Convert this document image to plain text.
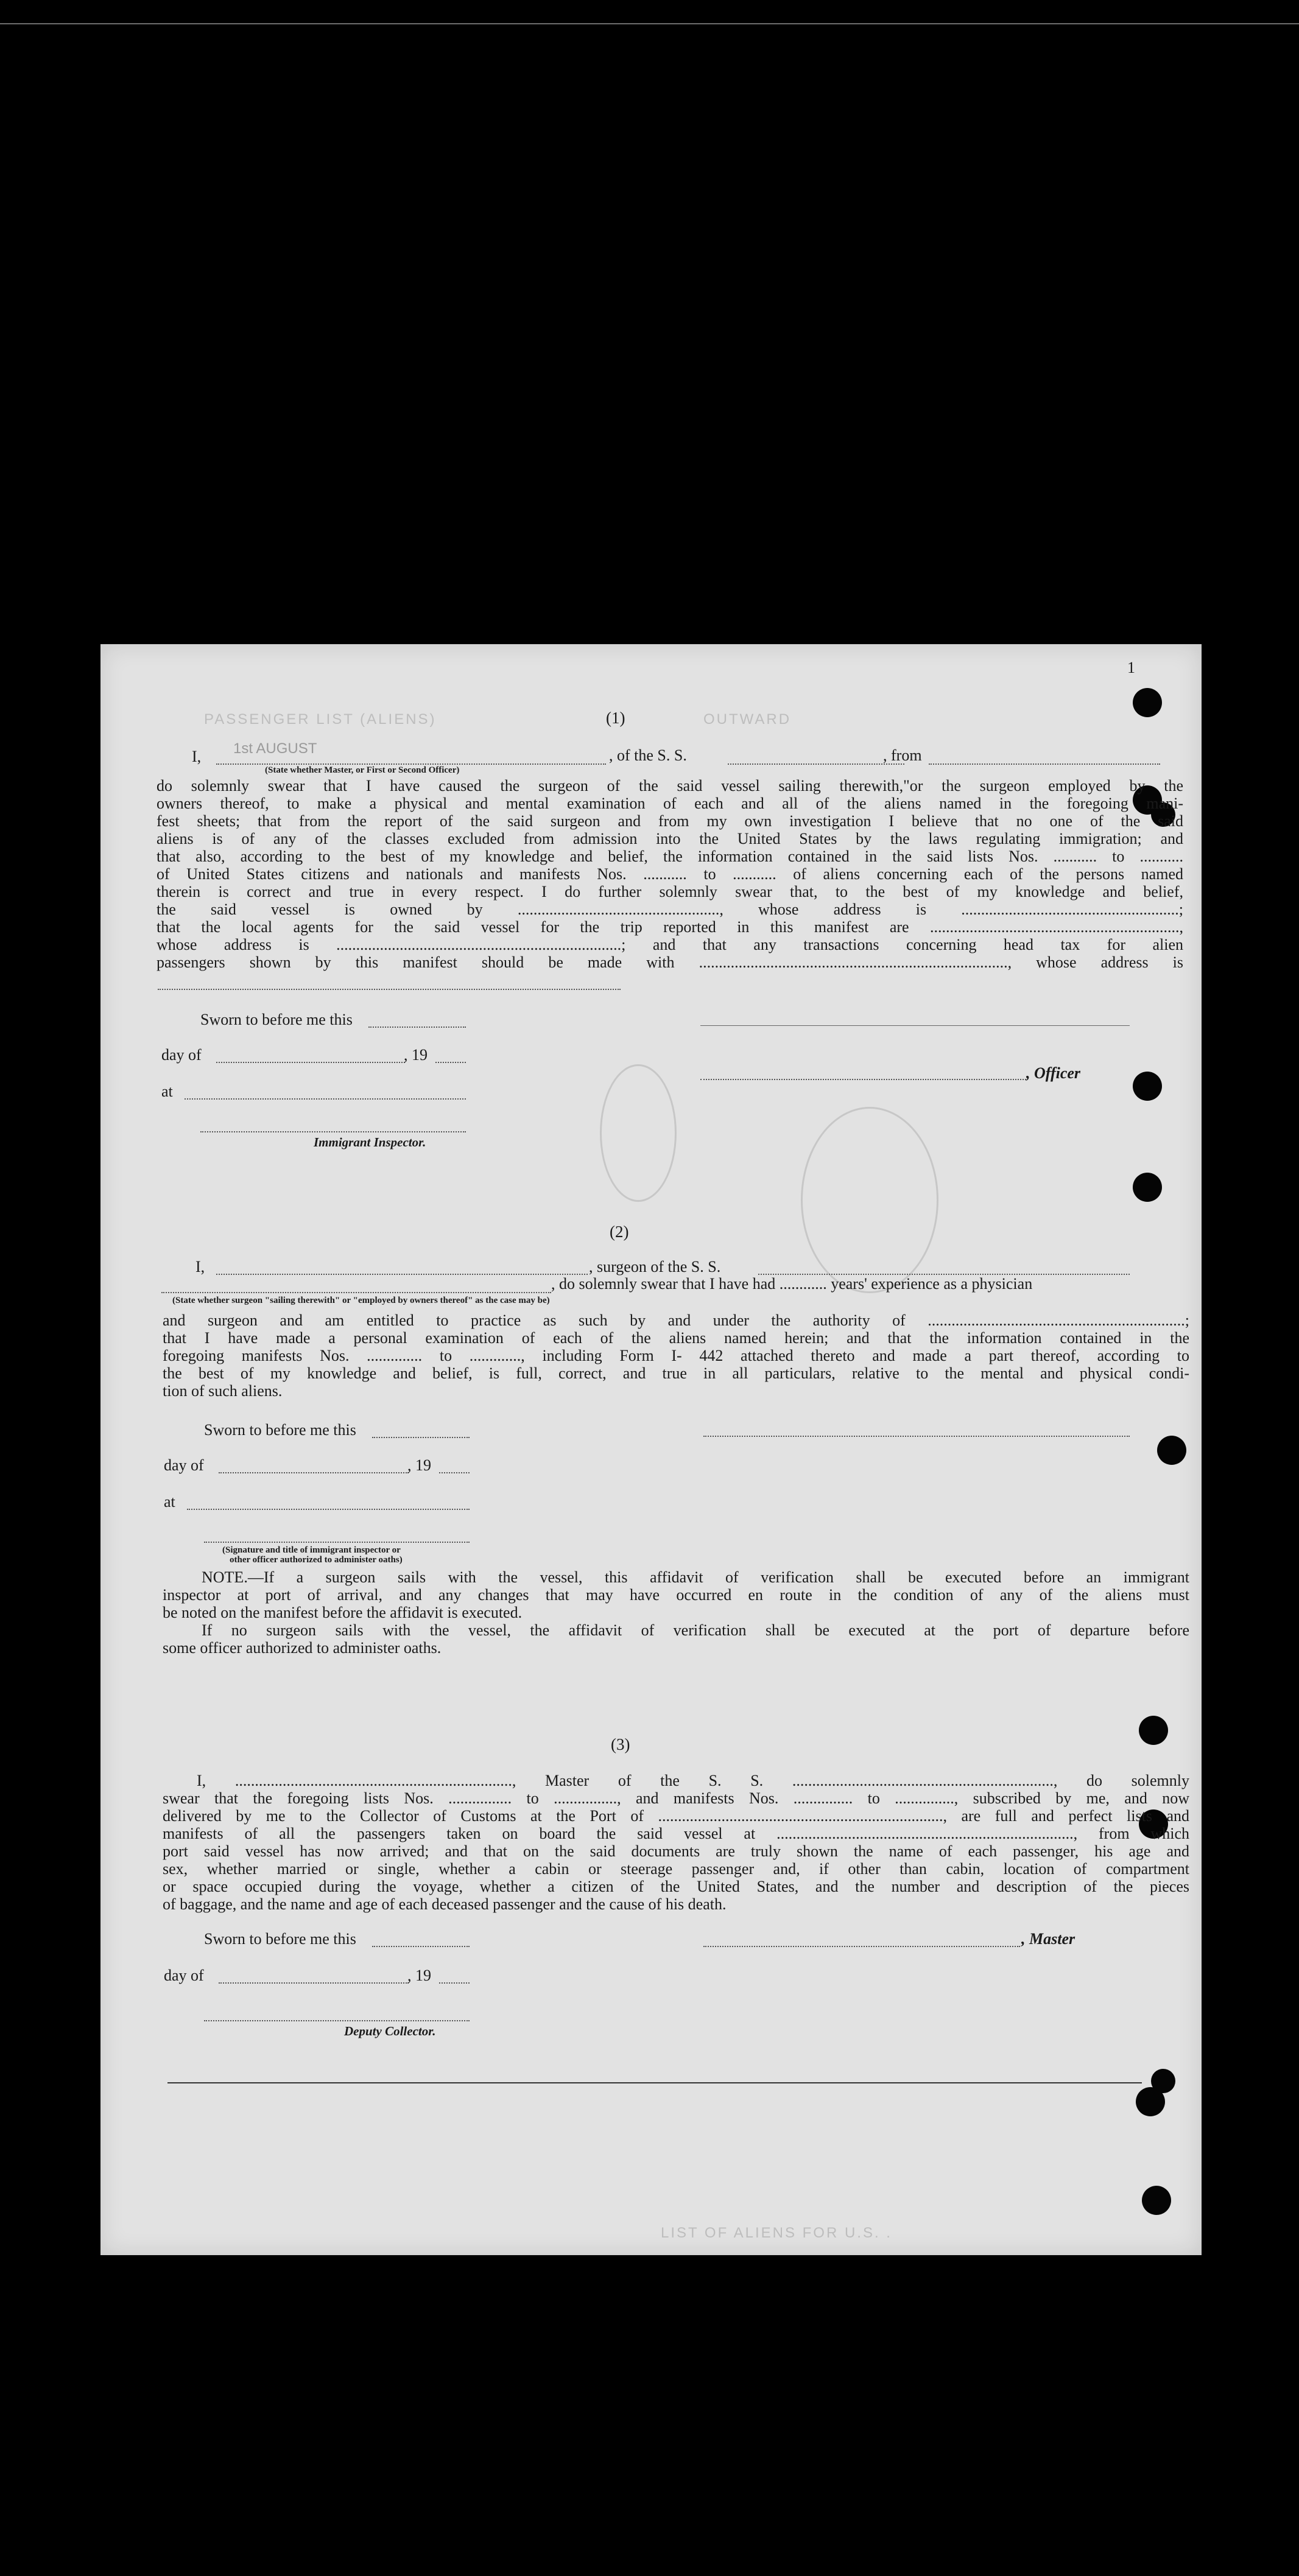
1
PASSENGER LIST (ALIENS)	OUTWARD
1st AUGUST
(1)
I,	, of the S. S.	, from
(State whether Master, or First or Second Officer)
do solemnly swear that I have caused the surgeon of the said vessel sailing therewith,"or the surgeon employed by the
owners thereof, to make a physical and mental examination of each and all of the aliens named in the foregoing mani-
fest sheets; that from the report of the said surgeon and from my own investigation I believe that no one of the said
aliens is of any of the classes excluded from admission into the United States by the laws regulating immigration; and
that also, according to the best of my knowledge and belief, the information contained in the said lists Nos. ........... to ...........
of United States citizens and nationals and manifests Nos. ........... to ........... of aliens concerning each of the persons named
therein is correct and true in every respect. I do further solemnly swear that, to the best of my knowledge and belief,
the said vessel is owned by ..................................................., whose address is .......................................................;
that the local agents for the said vessel for the trip reported in this manifest are ...............................................................,
whose address is ........................................................................; and that any transactions concerning head tax for alien
passengers shown by this manifest should be made with .............................................................................., whose address is
Sworn to before me this
day of	, 19
, Officer
at
Immigrant Inspector.
(2)
I,	, surgeon of the S. S.
, do solemnly swear that I have had ............ years' experience as a physician
(State whether surgeon "sailing therewith" or "employed by owners thereof" as the case may be)
and surgeon and am entitled to practice as such by and under the authority of .................................................................;
that I have made a personal examination of each of the aliens named herein; and that the information contained in the
foregoing manifests Nos. .............. to ............., including Form I- 442 attached thereto and made a part thereof, according to
the best of my knowledge and belief, is full, correct, and true in all particulars, relative to the mental and physical condi-
tion of such aliens.
Sworn to before me this
day of	, 19
at
(Signature and title of immigrant inspector or
other officer authorized to administer oaths)
NOTE.—If a surgeon sails with the vessel, this affidavit of verification shall be executed before an immigrant
inspector at port of arrival, and any changes that may have occurred en route in the condition of any of the aliens must
be noted on the manifest before the affidavit is executed.
If no surgeon sails with the vessel, the affidavit of verification shall be executed at the port of departure before
some officer authorized to administer oaths.
(3)
I, ......................................................................, Master of the S. S. .................................................................., do solemnly
swear that the foregoing lists Nos. ................ to ................, and manifests Nos. ............... to ..............., subscribed by me, and now
delivered by me to the Collector of Customs at the Port of ........................................................................, are full and perfect lists and
manifests of all the passengers taken on board the said vessel at ..........................................................................., from which
port said vessel has now arrived; and that on the said documents are truly shown the name of each passenger, his age and
sex, whether married or single, whether a cabin or steerage passenger and, if other than cabin, location of compartment
or space occupied during the voyage, whether a citizen of the United States, and the number and description of the pieces
of baggage, and the name and age of each deceased passenger and the cause of his death.
Sworn to before me this	, Master
day of	, 19
Deputy Collector.
LIST OF ALIENS FOR U.S. .
